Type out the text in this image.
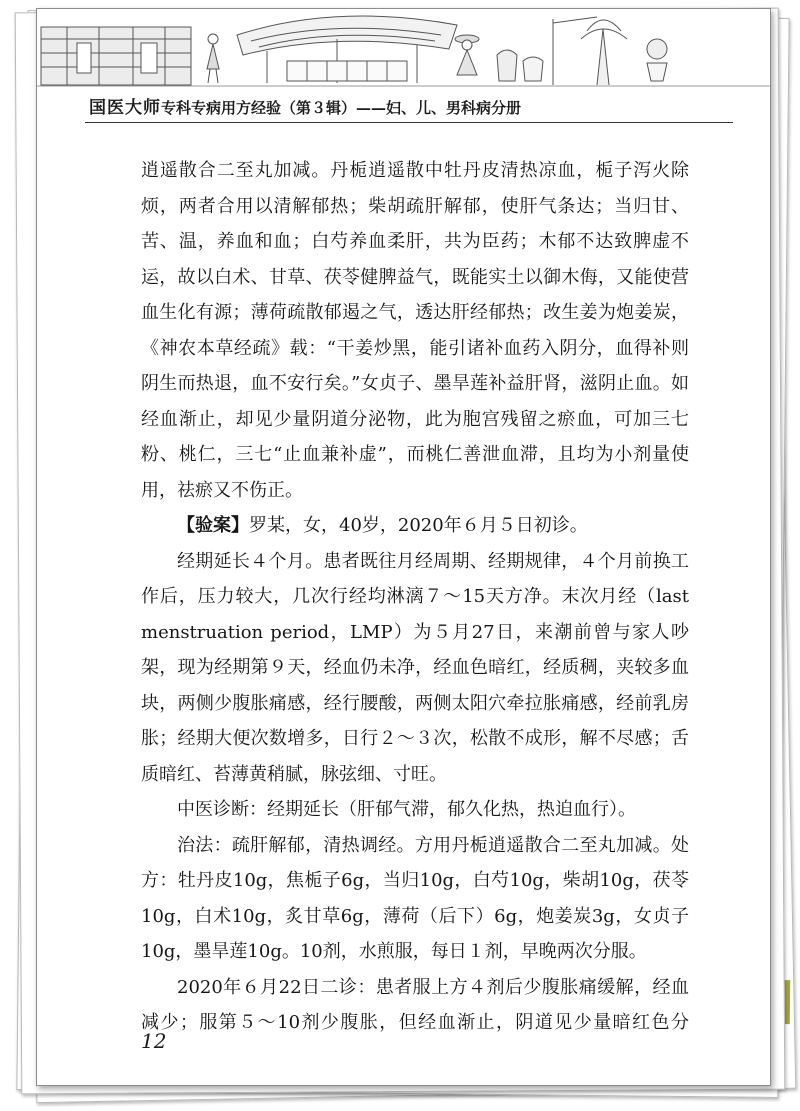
国医大师专科专病用方经验（第３辑）——妇、儿、男科病分册

逍遥散合二至丸加减。丹栀逍遥散中牡丹皮清热凉血，栀子泻火除烦，两者合用以清解郁热；柴胡疏肝解郁，使肝气条达；当归甘、苦、温，养血和血；白芍养血柔肝，共为臣药；木郁不达致脾虚不运，故以白术、甘草、茯苓健脾益气，既能实土以御木侮，又能使营血生化有源；薄荷疏散郁遏之气，透达肝经郁热；改生姜为炮姜炭，《神农本草经疏》载：“干姜炒黑，能引诸补血药入阴分，血得补则阴生而热退，血不安行矣。”女贞子、墨旱莲补益肝肾，滋阴止血。如经血渐止，却见少量阴道分泌物，此为胞宫残留之瘀血，可加三七粉、桃仁，三七“止血兼补虚”，而桃仁善泄血滞，且均为小剂量使用，祛瘀又不伤正。

【验案】罗某，女，40岁，2020年６月５日初诊。

经期延长４个月。患者既往月经周期、经期规律，４个月前换工作后，压力较大，几次行经均淋漓７～15天方净。末次月经（last menstruation period，LMP）为５月27日，来潮前曾与家人吵架，现为经期第９天，经血仍未净，经血色暗红，经质稠，夹较多血块，两侧少腹胀痛感，经行腰酸，两侧太阳穴牵拉胀痛感，经前乳房胀；经期大便次数增多，日行２～３次，松散不成形，解不尽感；舌质暗红、苔薄黄稍腻，脉弦细、寸旺。

中医诊断：经期延长（肝郁气滞，郁久化热，热迫血行）。

治法：疏肝解郁，清热调经。方用丹栀逍遥散合二至丸加减。处方：牡丹皮10g，焦栀子6g，当归10g，白芍10g，柴胡10g，茯苓10g，白术10g，炙甘草6g，薄荷（后下）6g，炮姜炭3g，女贞子10g，墨旱莲10g。10剂，水煎服，每日１剂，早晚两次分服。

2020年６月22日二诊：患者服上方４剂后少腹胀痛缓解，经血减少；服第５～10剂少腹胀，但经血渐止，阴道见少量暗红色分

12
